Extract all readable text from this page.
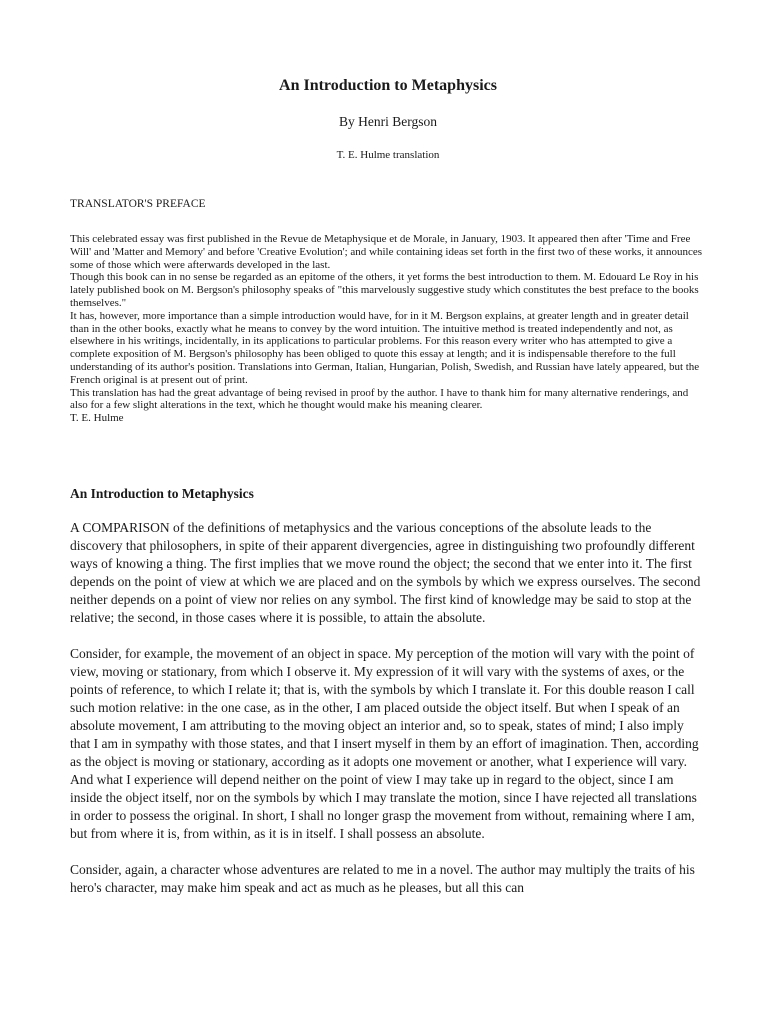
An Introduction to Metaphysics

By Henri Bergson

T. E. Hulme translation

TRANSLATOR'S PREFACE

This celebrated essay was first published in the Revue de Metaphysique et de Morale, in January, 1903. It appeared then after 'Time and Free Will' and 'Matter and Memory' and before 'Creative Evolution'; and while containing ideas set forth in the first two of these works, it announces some of those which were afterwards developed in the last.

Though this book can in no sense be regarded as an epitome of the others, it yet forms the best introduction to them. M. Edouard Le Roy in his lately published book on M. Bergson's philosophy speaks of "this marvelously suggestive study which constitutes the best preface to the books themselves."

It has, however, more importance than a simple introduction would have, for in it M. Bergson explains, at greater length and in greater detail than in the other books, exactly what he means to convey by the word intuition. The intuitive method is treated independently and not, as elsewhere in his writings, incidentally, in its applications to particular problems. For this reason every writer who has attempted to give a complete exposition of M. Bergson's philosophy has been obliged to quote this essay at length; and it is indispensable therefore to the full understanding of its author's position. Translations into German, Italian, Hungarian, Polish, Swedish, and Russian have lately appeared, but the

French original is at present out of print.

This translation has had the great advantage of being revised in proof by the author. I have to thank him for many alternative renderings, and also for a few slight alterations in the text, which he thought would make his meaning clearer.

T. E. Hulme

An Introduction to Metaphysics

A COMPARISON of the definitions of metaphysics and the various conceptions of the absolute leads to the discovery that philosophers, in spite of their apparent divergencies, agree in distinguishing two profoundly different ways of knowing a thing. The first implies that we move round the object; the second that we enter into it. The first depends on the point of view at which we are placed and on the symbols by which we express ourselves. The second neither depends on a point of view nor relies on any symbol. The first kind of knowledge may be said to stop at the relative; the second, in those cases where it is possible, to attain the absolute.

Consider, for example, the movement of an object in space. My perception of the motion will vary with the point of view, moving or stationary, from which I observe it. My expression of it will vary with the systems of axes, or the points of reference, to which I relate it; that is, with the symbols by which I translate it. For this double reason I call such motion relative: in the one case, as in the other, I am placed outside the object itself. But when I speak of an absolute movement, I am attributing to the moving object an interior and, so to speak, states of mind; I also imply that I am in sympathy with those states, and that I insert myself in them by an effort of imagination. Then, according as the object is moving or stationary, according as it adopts one movement or another, what I experience will vary. And what I experience will depend neither on the point of view I may take up in regard to the object, since I am inside the object itself, nor on the symbols by which I may translate the motion, since I have rejected all translations in order to possess the original. In short, I shall no longer grasp the movement from without, remaining where I am, but from where it is, from within, as it is in itself. I shall possess an absolute.

Consider, again, a character whose adventures are related to me in a novel. The author may multiply the traits of his hero's character, may make him speak and act as much as he pleases, but all this can
